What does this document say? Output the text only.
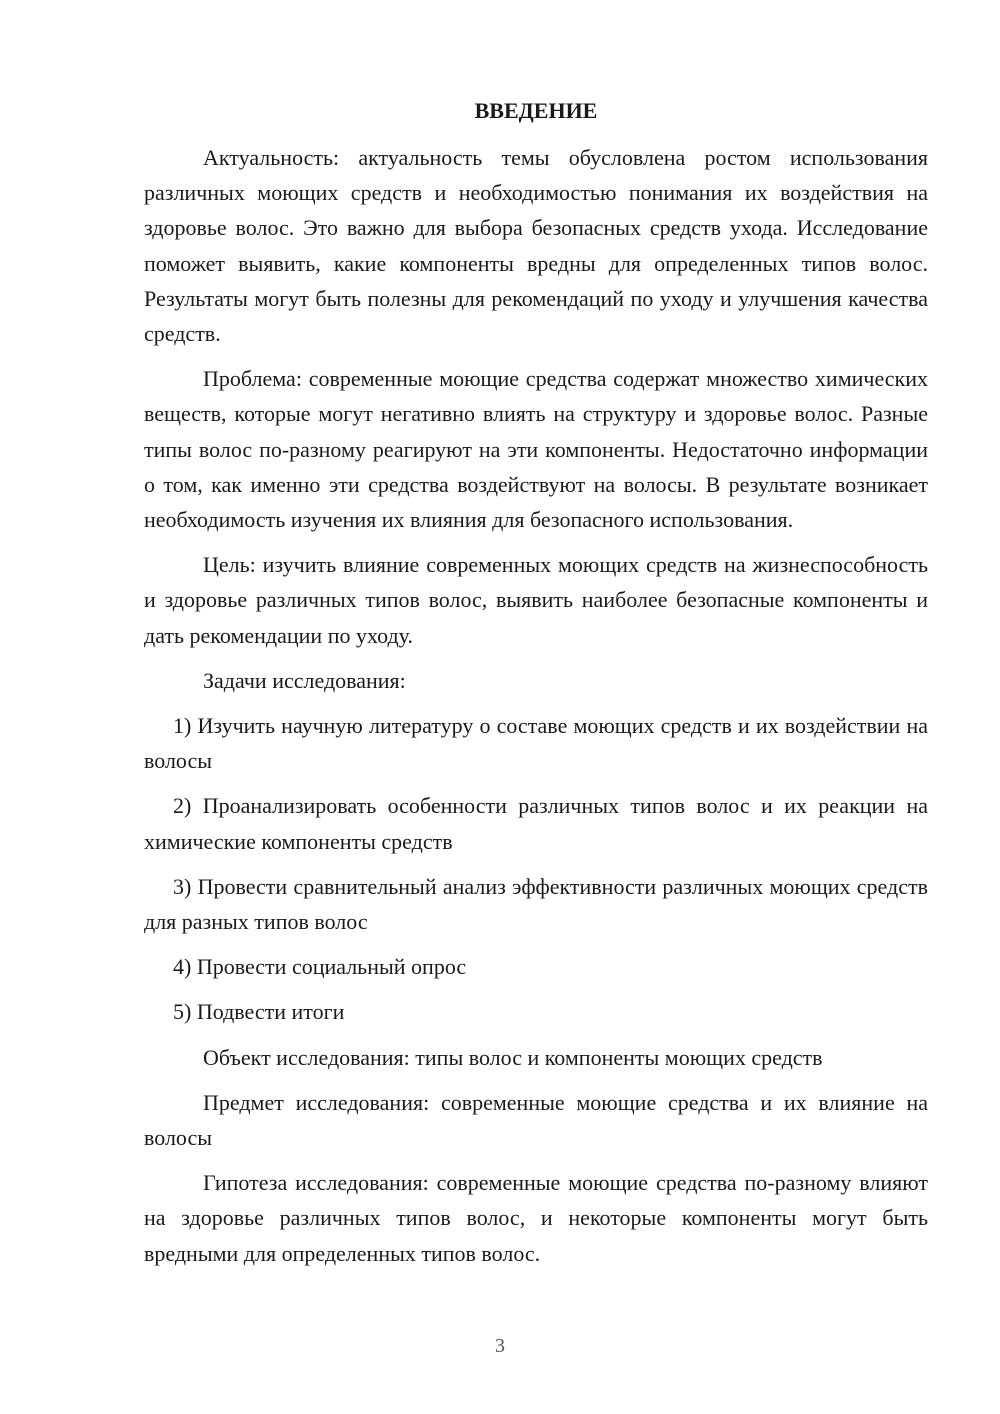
ВВЕДЕНИЕ

Актуальность: актуальность темы обусловлена ростом использования различных моющих средств и необходимостью понимания их воздействия на здоровье волос. Это важно для выбора безопасных средств ухода. Исследование поможет выявить, какие компоненты вредны для определенных типов волос. Результаты могут быть полезны для рекомендаций по уходу и улучшения качества средств.

Проблема: современные моющие средства содержат множество химических веществ, которые могут негативно влиять на структуру и здоровье волос. Разные типы волос по-разному реагируют на эти компоненты. Недостаточно информации о том, как именно эти средства воздействуют на волосы. В результате возникает необходимость изучения их влияния для безопасного использования.

Цель: изучить влияние современных моющих средств на жизнеспособность и здоровье различных типов волос, выявить наиболее безопасные компоненты и дать рекомендации по уходу.

Задачи исследования:

1) Изучить научную литературу о составе моющих средств и их воздействии на волосы

2) Проанализировать особенности различных типов волос и их реакции на химические компоненты средств

3) Провести сравнительный анализ эффективности различных моющих средств для разных типов волос

4) Провести социальный опрос

5) Подвести итоги

Объект исследования: типы волос и компоненты моющих средств

Предмет исследования: современные моющие средства и их влияние на волосы

Гипотеза исследования: современные моющие средства по-разному влияют на здоровье различных типов волос, и некоторые компоненты могут быть вредными для определенных типов волос.

3
